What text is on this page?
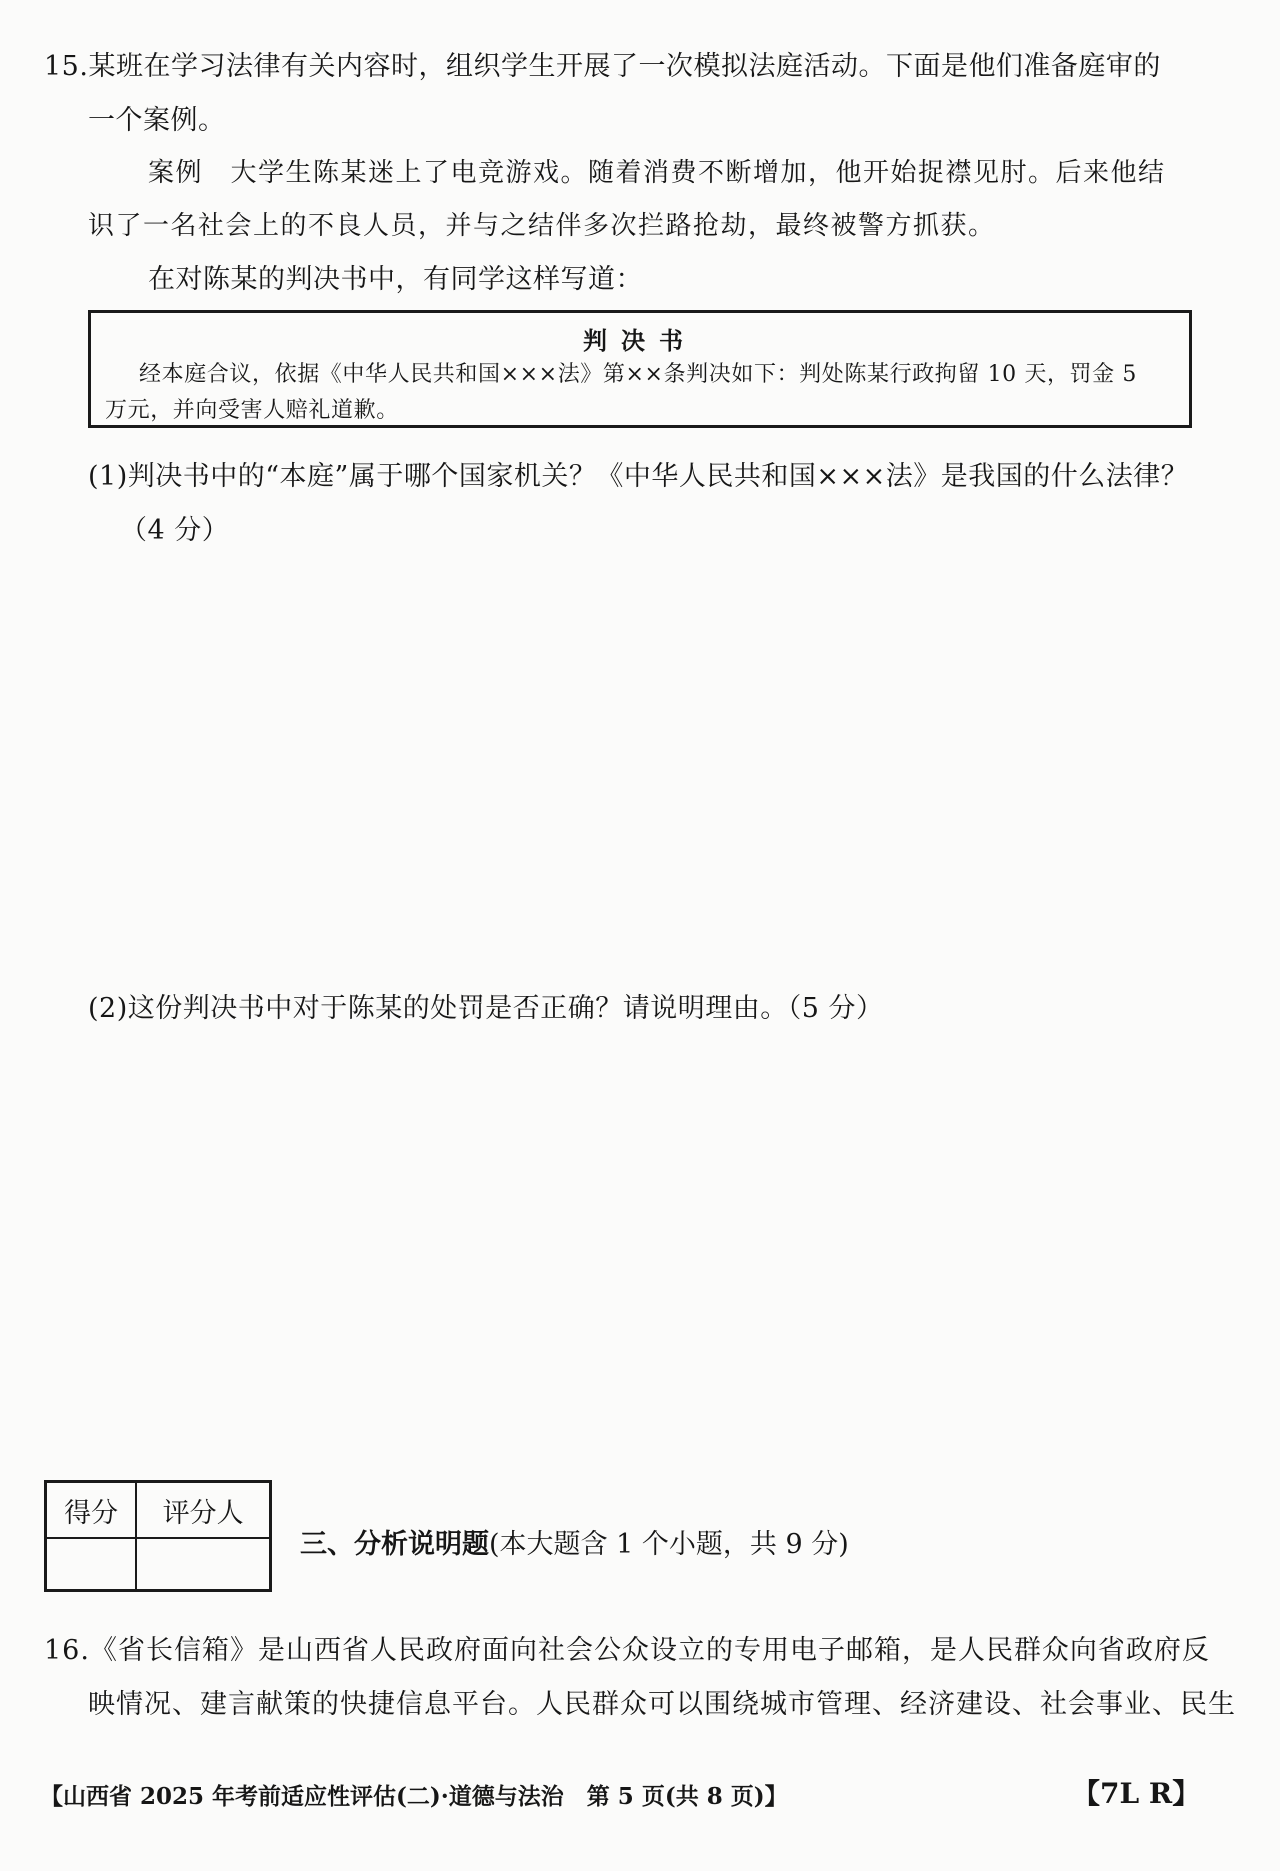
15.某班在学习法律有关内容时，组织学生开展了一次模拟法庭活动。下面是他们准备庭审的
一个案例。
案例　大学生陈某迷上了电竞游戏。随着消费不断增加，他开始捉襟见肘。后来他结
识了一名社会上的不良人员，并与之结伴多次拦路抢劫，最终被警方抓获。
在对陈某的判决书中，有同学这样写道：
判决书
经本庭合议，依据《中华人民共和国×××法》第××条判决如下：判处陈某行政拘留 10 天，罚金 5
万元，并向受害人赔礼道歉。
(1)判决书中的“本庭”属于哪个国家机关？《中华人民共和国×××法》是我国的什么法律？
（4 分）
(2)这份判决书中对于陈某的处罚是否正确？请说明理由。（5 分）
得分	评分人

三、分析说明题(本大题含 1 个小题，共 9 分)
16.《省长信箱》是山西省人民政府面向社会公众设立的专用电子邮箱，是人民群众向省政府反
映情况、建言献策的快捷信息平台。人民群众可以围绕城市管理、经济建设、社会事业、民生
【山西省 2025 年考前适应性评估(二)·道德与法治　第 5 页(共 8 页)】	【7L R】
